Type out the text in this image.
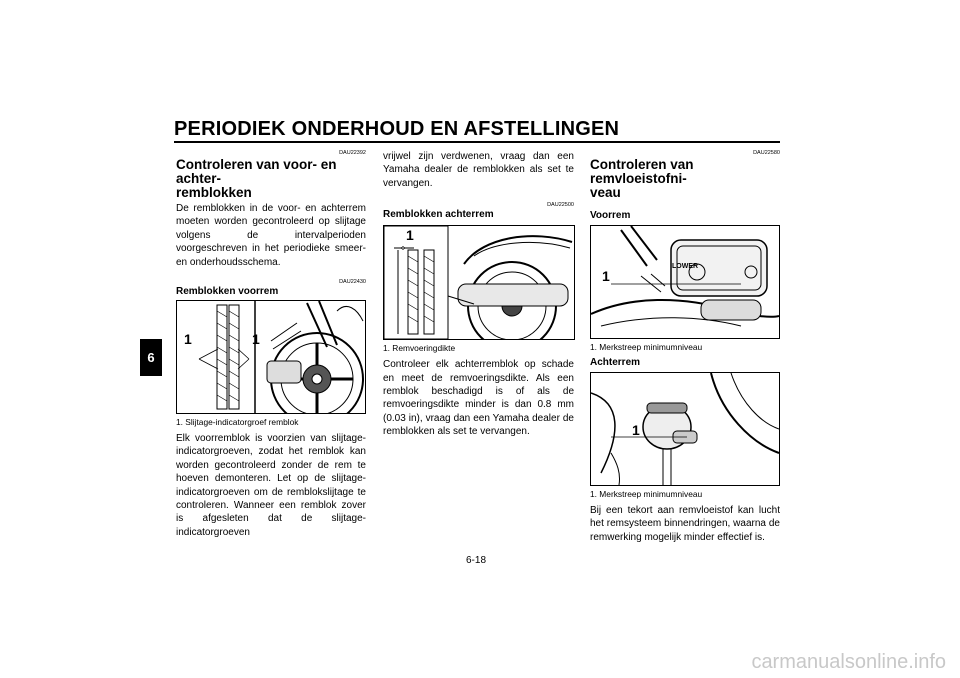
PERIODIEK ONDERHOUD EN AFSTELLINGEN
6
DAU22392
Controleren van voor- en achter-
remblokken

De remblokken in de voor- en achterrem moeten worden gecontroleerd op slijtage volgens de intervalperioden voorgeschreven in het periodieke smeer- en onderhoudsschema.

DAU22430
Remblokken voorrem
1	1
1. Slijtage-indicatorgroef remblok

Elk voorremblok is voorzien van slijtage-indicatorgroeven, zodat het remblok kan worden gecontroleerd zonder de rem te hoeven demonteren. Let op de slijtage-indicatorgroeven om de remblokslijtage te controleren. Wanneer een remblok zover is afgesleten dat de slijtage-indicatorgroeven

vrijwel zijn verdwenen, vraag dan een Yamaha dealer de remblokken als set te vervangen.

DAU22500
Remblokken achterrem
1
1. Remvoeringdikte

Controleer elk achterremblok op schade en meet de remvoeringsdikte. Als een remblok beschadigd is of als de remvoeringsdikte minder is dan 0.8 mm (0.03 in), vraag dan een Yamaha dealer de remblokken als set te vervangen.

DAU22580
Controleren van remvloeistofni-
veau
Voorrem
1
LOWER
1. Merkstreep minimumniveau
Achterrem
1
1. Merkstreep minimumniveau

Bij een tekort aan remvloeistof kan lucht het remsysteem binnendringen, waarna de remwerking mogelijk minder effectief is.

6-18
carmanualsonline.info
